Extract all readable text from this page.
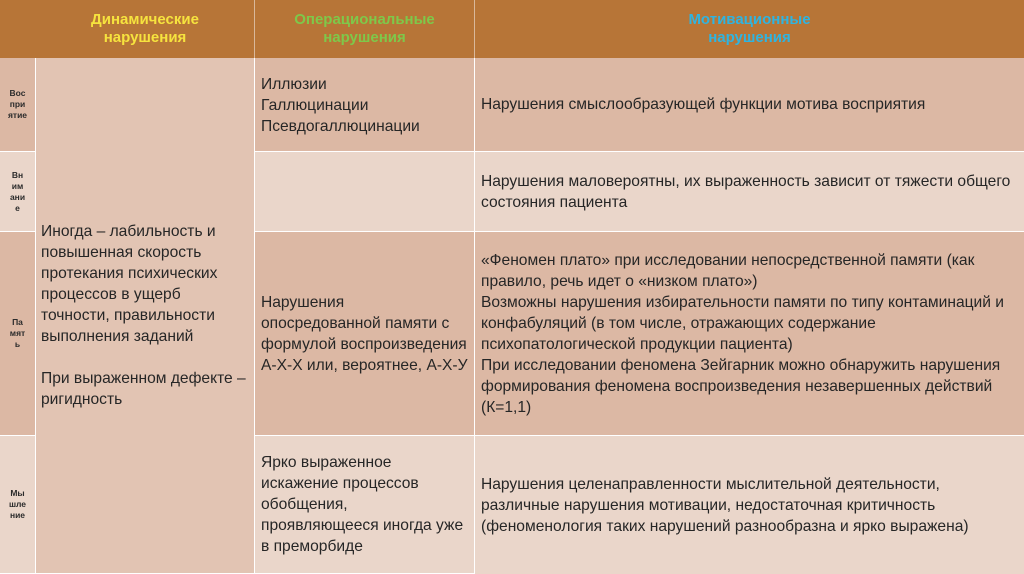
Динамические
нарушения
Операциональные
нарушения
Мотивационные
нарушения
Вос
при
ятие
Вн
им
ани
е
Па
мят
ь
Мы
шле
ние
Иногда – лабильность и повышенная скорость протекания психических процессов в ущерб точности, правильности выполнения заданий

При выраженном дефекте – ригидность
Иллюзии
Галлюцинации
Псевдогаллюцинации
Нарушения опосредованной памяти с формулой воспроизведения А-Х-Х или, вероятнее, А-Х-У
Ярко выраженное искажение процессов обобщения, проявляющееся иногда уже в преморбиде
Нарушения смыслообразующей функции мотива восприятия
Нарушения маловероятны, их выраженность зависит от тяжести общего состояния пациента
«Феномен плато» при исследовании непосредственной памяти (как правило, речь идет о «низком плато»)
Возможны нарушения избирательности памяти по типу контаминаций и конфабуляций (в том числе, отражающих содержание психопатологической продукции пациента)
При исследовании феномена Зейгарник можно обнаружить нарушения формирования феномена воспроизведения незавершенных действий (К=1,1)
Нарушения целенаправленности мыслительной деятельности, различные нарушения мотивации, недостаточная критичность (феноменология таких нарушений разнообразна и ярко выражена)
